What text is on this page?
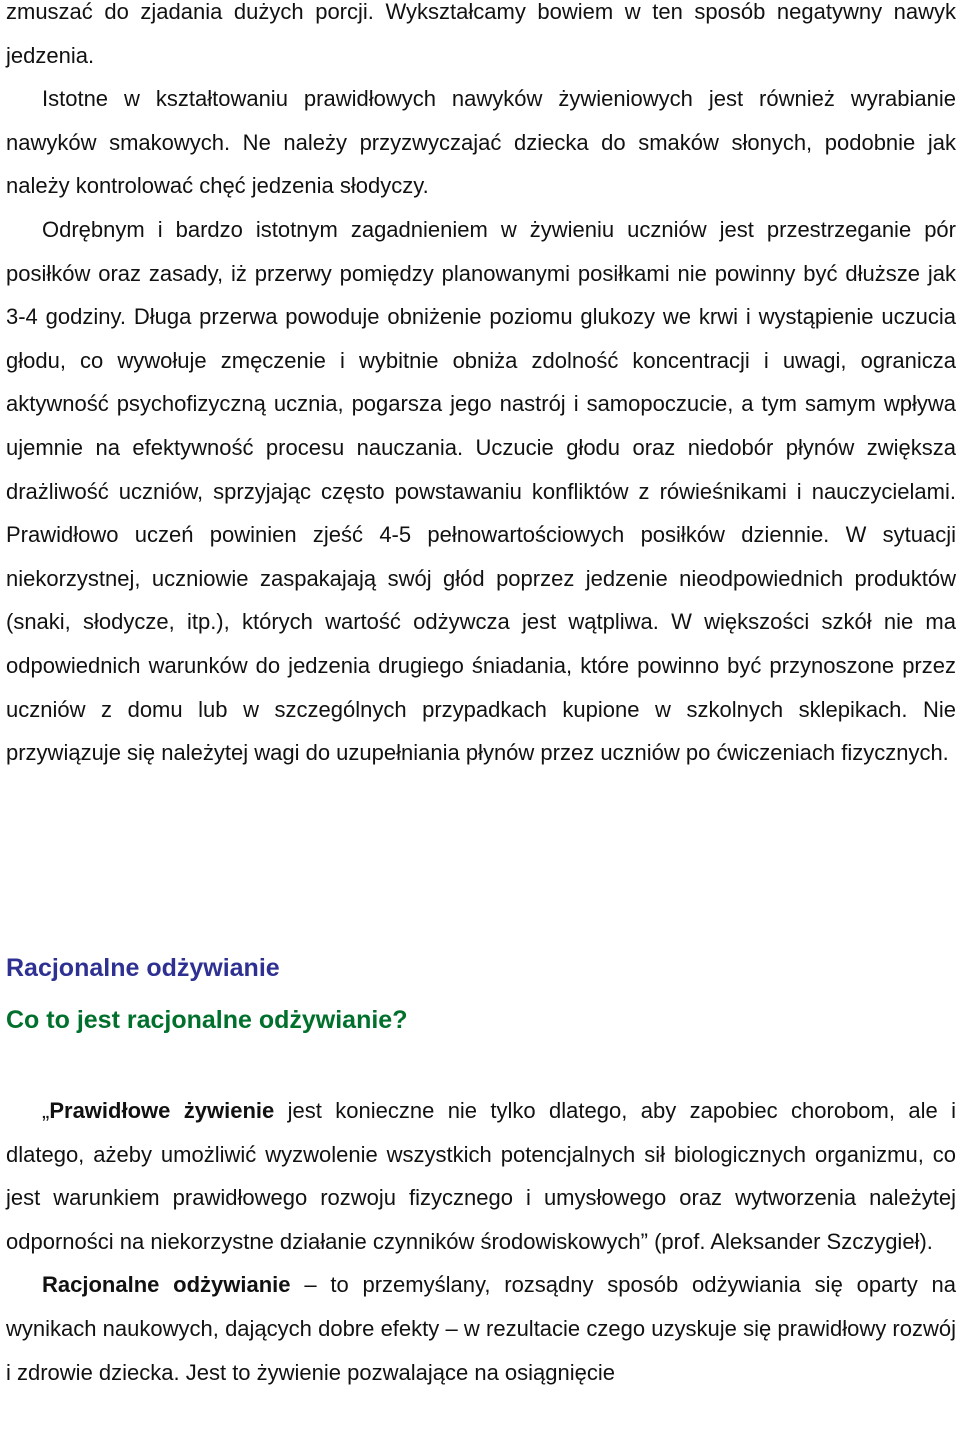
zmuszać do zjadania dużych porcji. Wykształcamy bowiem w ten sposób negatywny nawyk jedzenia.

Istotne w kształtowaniu prawidłowych nawyków żywieniowych jest również wyrabianie nawyków smakowych. Ne należy przyzwyczajać dziecka do smaków słonych, podobnie jak należy kontrolować chęć jedzenia słodyczy.

Odrębnym i bardzo istotnym zagadnieniem w żywieniu uczniów jest przestrzeganie pór posiłków oraz zasady, iż przerwy pomiędzy planowanymi posiłkami nie powinny być dłuższe jak 3-4 godziny. Długa przerwa powoduje obniżenie poziomu glukozy we krwi i wystąpienie uczucia głodu, co wywołuje zmęczenie i wybitnie obniża zdolność koncentracji i uwagi, ogranicza aktywność psychofizyczną ucznia, pogarsza jego nastrój i samopoczucie, a tym samym wpływa ujemnie na efektywność procesu nauczania. Uczucie głodu oraz niedobór płynów zwiększa drażliwość uczniów, sprzyjając często powstawaniu konfliktów z rówieśnikami i nauczycielami. Prawidłowo uczeń powinien zjeść 4-5 pełnowartościowych posiłków dziennie. W sytuacji niekorzystnej, uczniowie zaspakajają swój głód poprzez jedzenie nieodpowiednich produktów (snaki, słodycze, itp.), których wartość odżywcza jest wątpliwa. W większości szkół nie ma odpowiednich warunków do jedzenia drugiego śniadania, które powinno być przynoszone przez uczniów z domu lub w szczególnych przypadkach kupione w szkolnych sklepikach. Nie przywiązuje się należytej wagi do uzupełniania płynów przez uczniów po ćwiczeniach fizycznych.

Racjonalne odżywianie
Co to jest racjonalne odżywianie?

„Prawidłowe żywienie jest konieczne nie tylko dlatego, aby zapobiec chorobom, ale i dlatego, ażeby umożliwić wyzwolenie wszystkich potencjalnych sił biologicznych organizmu, co jest warunkiem prawidłowego rozwoju fizycznego i umysłowego oraz wytworzenia należytej odporności na niekorzystne działanie czynników środowiskowych” (prof. Aleksander Szczygieł).

Racjonalne odżywianie – to przemyślany, rozsądny sposób odżywiania się oparty na wynikach naukowych, dających dobre efekty – w rezultacie czego uzyskuje się prawidłowy rozwój i zdrowie dziecka. Jest to żywienie pozwalające na osiągnięcie
